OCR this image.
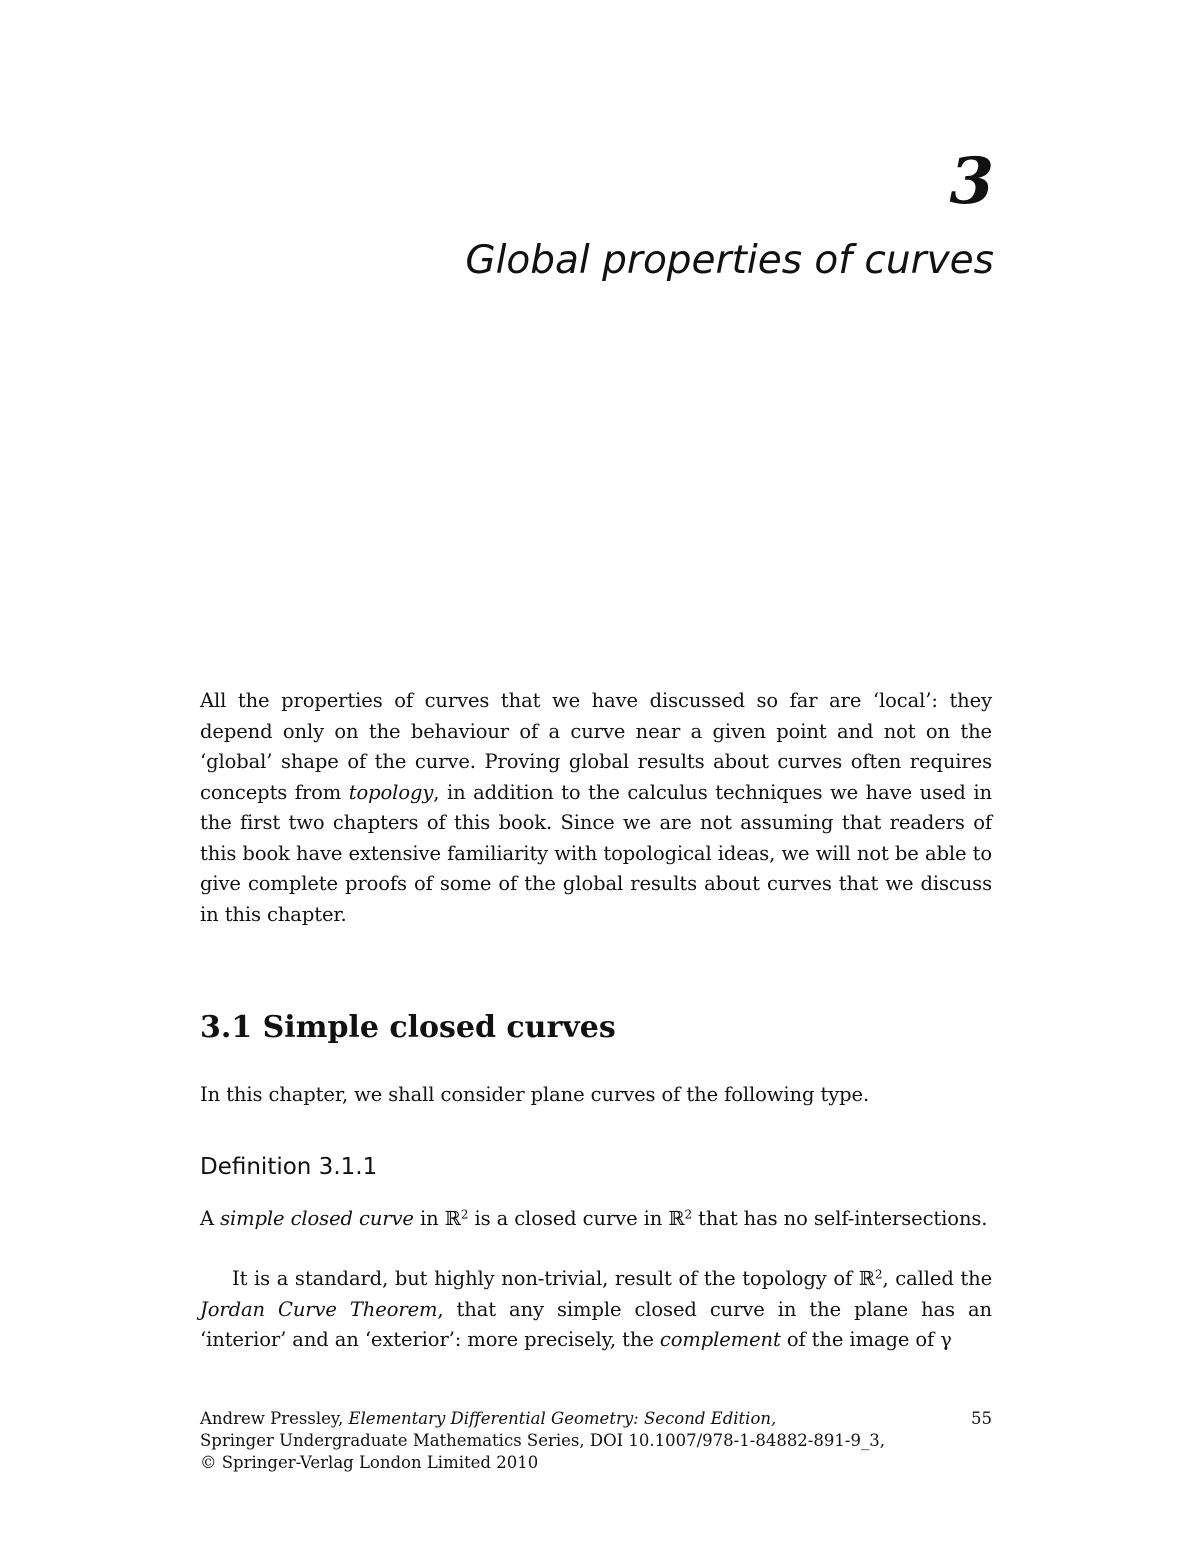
3
Global properties of curves

All the properties of curves that we have discussed so far are ‘local’: they depend only on the behaviour of a curve near a given point and not on the ‘global’ shape of the curve. Proving global results about curves often requires concepts from topology, in addition to the calculus techniques we have used in the first two chapters of this book. Since we are not assuming that readers of this book have extensive familiarity with topological ideas, we will not be able to give complete proofs of some of the global results about curves that we discuss in this chapter.

3.1 Simple closed curves

In this chapter, we shall consider plane curves of the following type.

Definition 3.1.1

A simple closed curve in ℝ$^2$ is a closed curve in ℝ$^2$ that has no self-intersections.

It is a standard, but highly non-trivial, result of the topology of ℝ$^2$, called the Jordan Curve Theorem, that any simple closed curve in the plane has an ‘interior’ and an ‘exterior’: more precisely, the complement of the image of γ

Andrew Pressley, Elementary Differential Geometry: Second Edition,
Springer Undergraduate Mathematics Series, DOI 10.1007/978-1-84882-891-9_3,
© Springer-Verlag London Limited 2010
55
